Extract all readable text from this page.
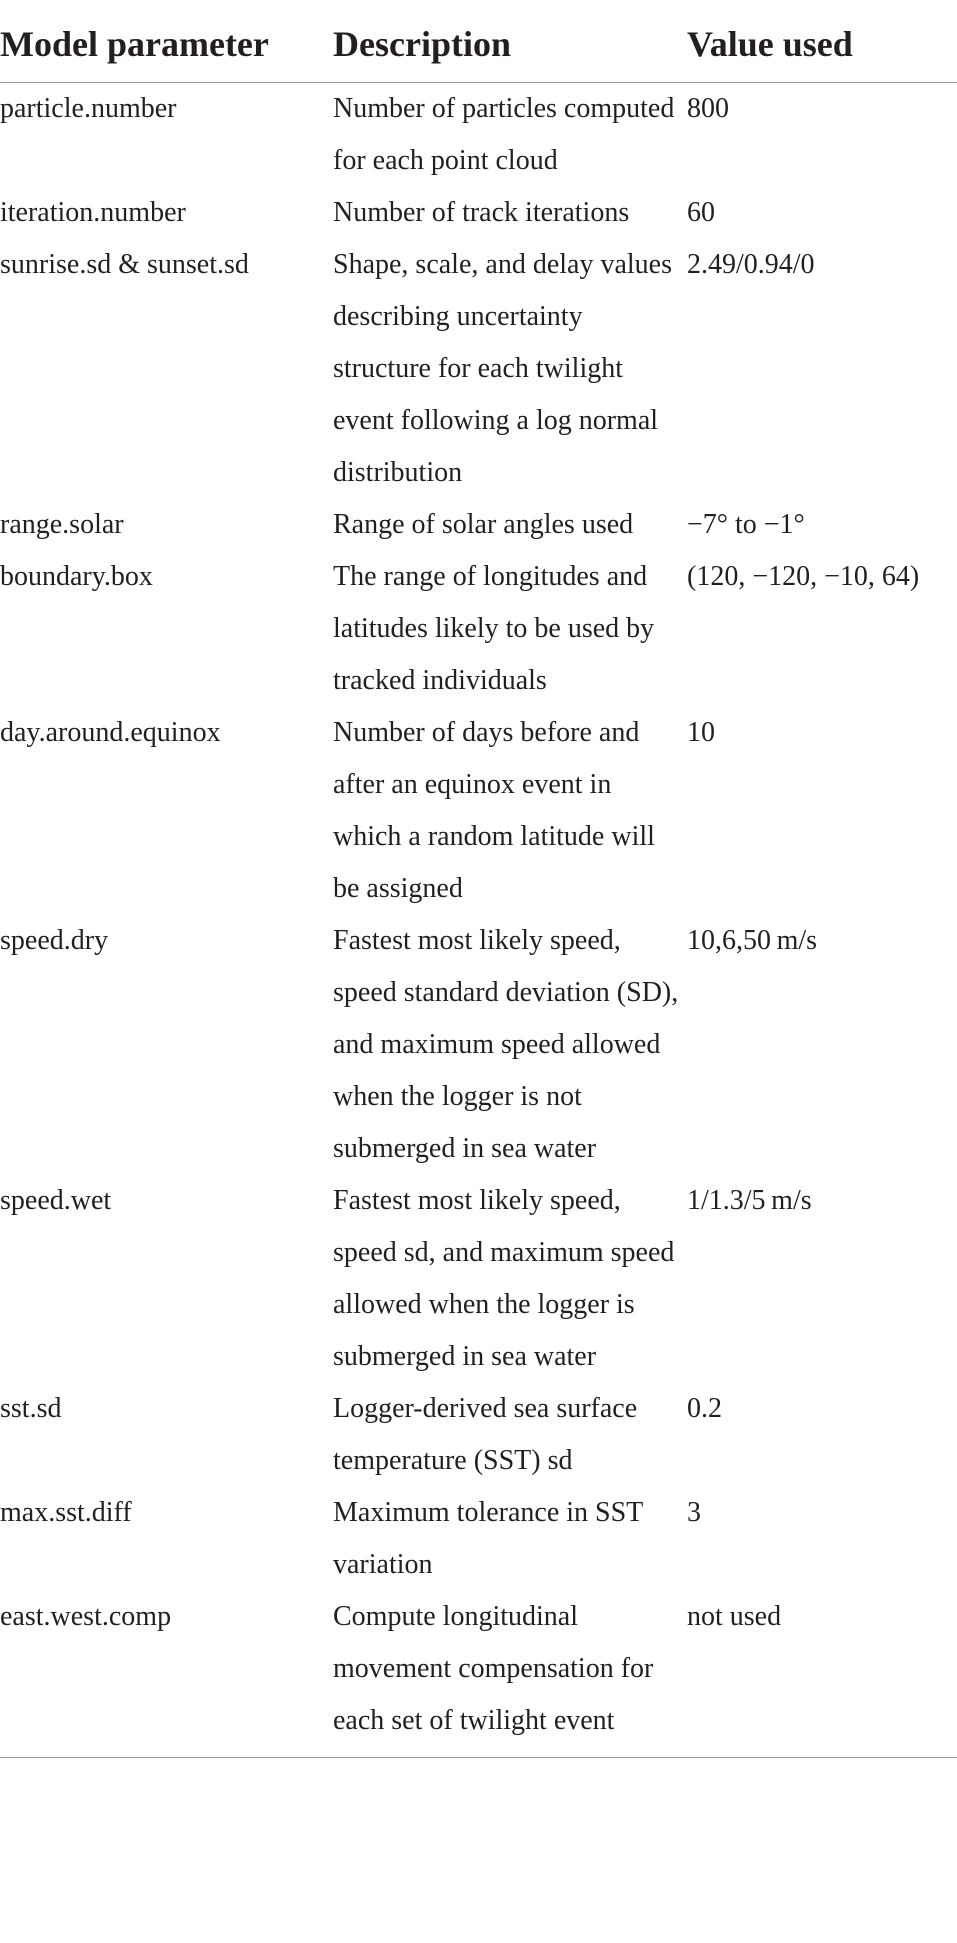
Model parameter	Description	Value used
particle.number	Number of particles computed for each point cloud	800
iteration.number	Number of track iterations	60
sunrise.sd & sunset.sd	Shape, scale, and delay values describing uncertainty structure for each twilight event following a log normal distribution	2.49/0.94/0
range.solar	Range of solar angles used	−7° to −1°
boundary.box	The range of longitudes and latitudes likely to be used by tracked individuals	(120, −120, −10, 64)
day.around.equinox	Number of days before and after an equinox event in which a random latitude will be assigned	10
speed.dry	Fastest most likely speed, speed standard deviation (SD), and maximum speed allowed when the logger is not submerged in sea water	10,6,50 m/s
speed.wet	Fastest most likely speed, speed sd, and maximum speed allowed when the logger is submerged in sea water	1/1.3/5 m/s
sst.sd	Logger-derived sea surface temperature (SST) sd	0.2
max.sst.diff	Maximum tolerance in SST variation	3
east.west.comp	Compute longitudinal movement compensation for each set of twilight event	not used
